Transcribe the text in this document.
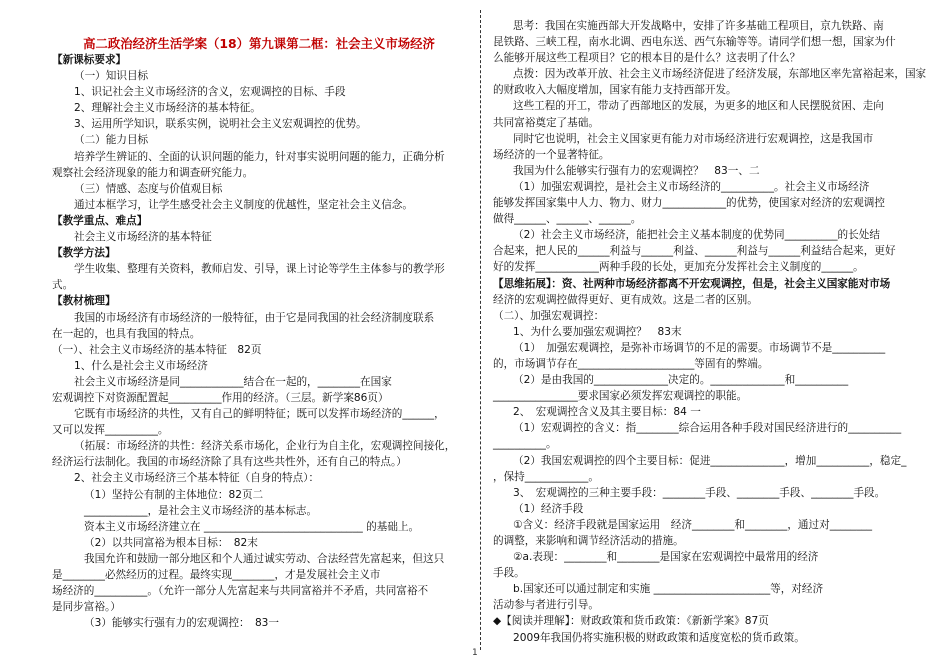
高二政治经济生活学案（18）第九课第二框：社会主义市场经济
【新课标要求】
（一）知识目标
1、识记社会主义市场经济的含义，宏观调控的目标、手段
2、理解社会主义市场经济的基本特征。
3、运用所学知识，联系实例，说明社会主义宏观调控的优势。
（二）能力目标
培养学生辨证的、全面的认识问题的能力，针对事实说明问题的能力，正确分析
观察社会经济现象的能力和调查研究能力。
（三）情感、态度与价值观目标
通过本框学习，让学生感受社会主义制度的优越性，坚定社会主义信念。
【教学重点、难点】
社会主义市场经济的基本特征
【教学方法】
学生收集、整理有关资料，教师启发、引导，课上讨论等学生主体参与的教学形
式。
【教材梳理】
我国的市场经济有市场经济的一般特征，由于它是同我国的社会经济制度联系
在一起的，也具有我国的特点。
（一）、社会主义市场经济的基本特征　82页
1、什么是社会主义市场经济
社会主义市场经济是同____________结合在一起的，________在国家
宏观调控下对资源配置起__________作用的经济。（三层。新学案86页）
它既有市场经济的共性，又有自己的鲜明特征；既可以发挥市场经济的______，
又可以发挥__________。
（拓展：市场经济的共性：经济关系市场化，企业行为自主化，宏观调控间接化，
经济运行法制化。我国的市场经济除了具有这些共性外，还有自己的特点。）
2、社会主义市场经济三个基本特征（自身的特点）：
（1）坚持公有制的主体地位：82页二
____________，是社会主义市场经济的基本标志。
资本主义市场经济建立在 ______________________________ 的基础上。
（2）以共同富裕为根本目标：　82末
我国允许和鼓励一部分地区和个人通过诚实劳动、合法经营先富起来，但这只
是________必然经历的过程。最终实现________，才是发展社会主义市
场经济的__________。（允许一部分人先富起来与共同富裕并不矛盾，共同富裕不
是同步富裕。）
（3）能够实行强有力的宏观调控：　83一
思考：我国在实施西部大开发战略中，安排了许多基础工程项目，京九铁路、南
昆铁路、三峡工程，南水北调、西电东送、西气东输等等。请同学们想一想，国家为什
么能够开展这些工程项目？它的根本目的是什么？这表明了什么？
点拨：因为改革开放、社会主义市场经济促进了经济发展，东部地区率先富裕起来，国家
的财政收入大幅度增加，国家有能力支持西部开发。
这些工程的开工，带动了西部地区的发展，为更多的地区和人民摆脱贫困、走向
共同富裕奠定了基础。
同时它也说明，社会主义国家更有能力对市场经济进行宏观调控，这是我国市
场经济的一个显著特征。
我国为什么能够实行强有力的宏观调控？　83一、二
（1）加强宏观调控，是社会主义市场经济的__________。社会主义市场经济
能够发挥国家集中人力、物力、财力____________的优势，使国家对经济的宏观调控
做得______、______、______。
（2）社会主义市场经济，能把社会主义基本制度的优势同__________的长处结
合起来，把人民的______利益与______利益、______利益与______利益结合起来，更好
好的发挥____________两种手段的长处，更加充分发挥社会主义制度的______。
【思维拓展】：资、社两种市场经济都离不开宏观调控，但是，社会主义国家能对市场
经济的宏观调控做得更好、更有成效。这是二者的区别。
（二）、加强宏观调控：
1、为什么要加强宏观调控？　83末
（1）　加强宏观调控，是弥补市场调节的不足的需要。市场调节不是__________
的，市场调节存在______________________等固有的弊端。
（2）是由我国的______________决定的。______________和__________
________________要求国家必须发挥宏观调控的职能。
2、　宏观调控含义及其主要目标：84 一
（1）宏观调控的含义：指________综合运用各种手段对国民经济进行的__________
__________。
（2）我国宏观调控的四个主要目标：促进______________，增加__________，稳定_
，保持____________。
3、　宏观调控的三种主要手段：________手段、________手段、________手段。
（1）经济手段
①含义：经济手段就是国家运用　经济________和________，通过对________
的调整，来影响和调节经济活动的措施。
②a.表现：________和________是国家在宏观调控中最常用的经济
手段。
b.国家还可以通过制定和实施 ______________________等，对经济
活动参与者进行引导。
◆【阅读并理解】：财政政策和货币政策：《新新学案》87页
2009年我国仍将实施积极的财政政策和适度宽松的货币政策。
1
